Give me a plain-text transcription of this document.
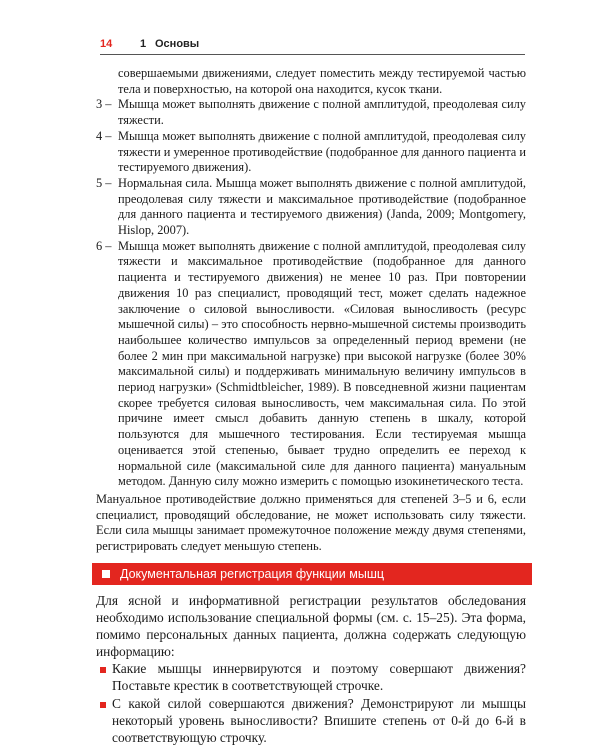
14	1 Основы

совершаемыми движениями, следует поместить между тестируемой частью тела и поверхностью, на которой она находится, кусок ткани.

3 – Мышца может выполнять движение с полной амплитудой, преодолевая силу тяжести.

4 – Мышца может выполнять движение с полной амплитудой, преодолевая силу тяжести и умеренное противодействие (подобранное для данного пациента и тестируемого движения).

5 – Нормальная сила. Мышца может выполнять движение с полной амплитудой, преодолевая силу тяжести и максимальное противодействие (подобранное для данного пациента и тестируемого движения) (Janda, 2009; Montgomery, Hislop, 2007).

6 – Мышца может выполнять движение с полной амплитудой, преодолевая силу тяжести и максимальное противодействие (подобранное для данного пациента и тестируемого движения) не менее 10 раз. При повторении движения 10 раз специалист, проводящий тест, может сделать надежное заключение о силовой выносливости. «Силовая выносливость (ресурс мышечной силы) – это способность нервно-мышечной системы производить наибольшее количество импульсов за определенный период времени (не более 2 мин при максимальной нагрузке) при высокой нагрузке (более 30% максимальной силы) и поддерживать минимальную величину импульсов в период нагрузки» (Schmidtbleicher, 1989). В повседневной жизни пациентам скорее требуется силовая выносливость, чем максимальная сила. По этой причине имеет смысл добавить данную степень в шкалу, которой пользуются для мышечного тестирования. Если тестируемая мышца оценивается этой степенью, бывает трудно определить ее переход к нормальной силе (максимальной силе для данного пациента) мануальным методом. Данную силу можно измерить с помощью изокинетического теста.

Мануальное противодействие должно применяться для степеней 3–5 и 6, если специалист, проводящий обследование, не может использовать силу тяжести. Если сила мышцы занимает промежуточное положение между двумя степенями, регистрировать следует меньшую степень.

Документальная регистрация функции мышц

Для ясной и информативной регистрации результатов обследования необходимо использование специальной формы (см. с. 15–25). Эта форма, помимо персональных данных пациента, должна содержать следующую информацию:

Какие мышцы иннервируются и поэтому совершают движения? Поставьте крестик в соответствующей строчке.

С какой силой совершаются движения? Демонстрируют ли мышцы некоторый уровень выносливости? Впишите степень от 0-й до 6-й в соответствующую строчку.
